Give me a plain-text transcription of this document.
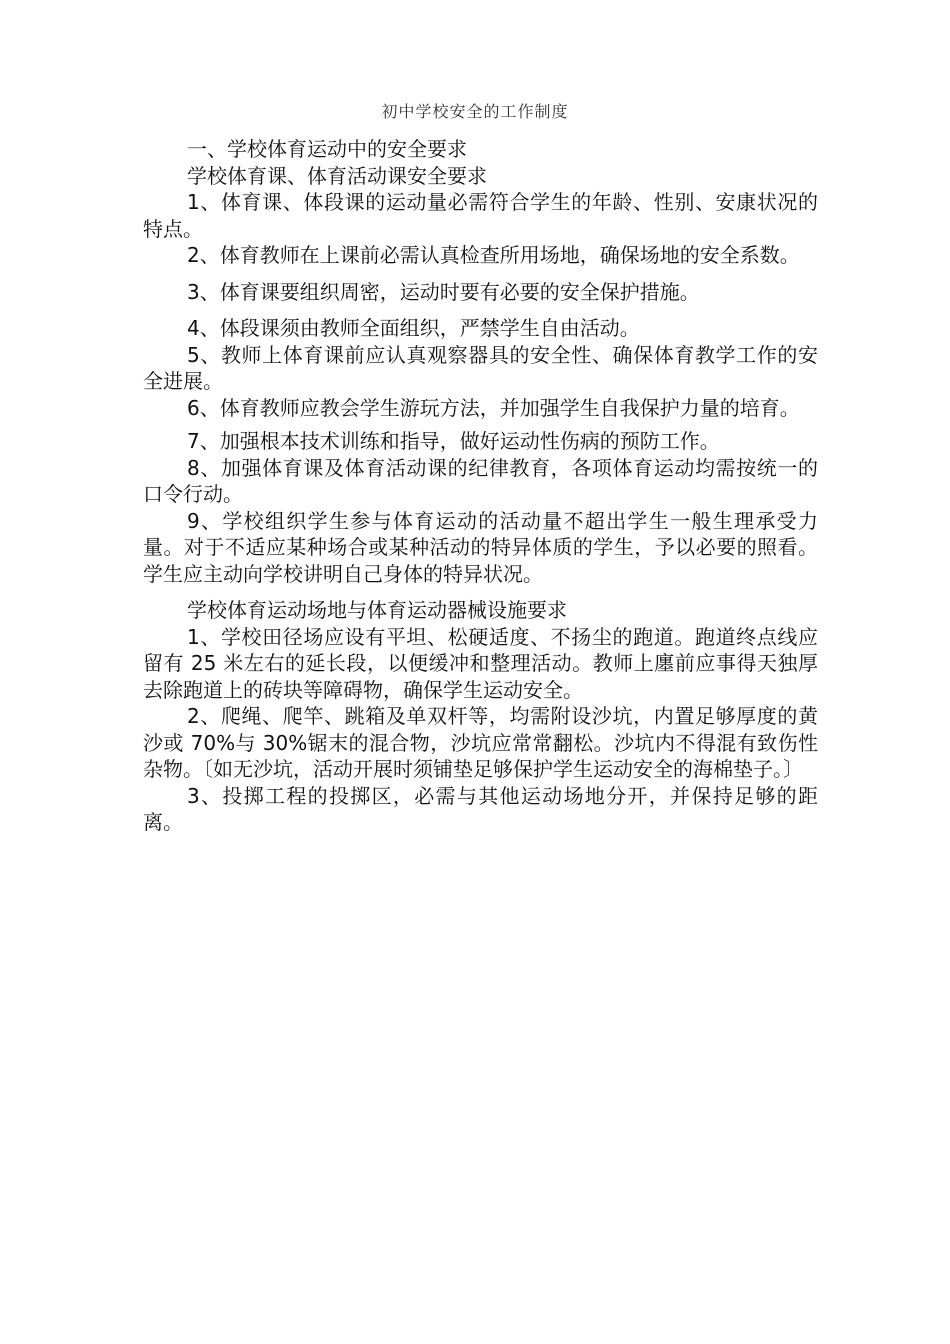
初中学校安全的工作制度

一、学校体育运动中的安全要求

学校体育课、体育活动课安全要求

1、体育课、体段课的运动量必需符合学生的年龄、性别、安康状况的特点。

2、体育教师在上课前必需认真检查所用场地，确保场地的安全系数。

3、体育课要组织周密，运动时要有必要的安全保护措施。

4、体段课须由教师全面组织，严禁学生自由活动。

5、教师上体育课前应认真观察器具的安全性、确保体育教学工作的安全进展。

6、体育教师应教会学生游玩方法，并加强学生自我保护力量的培育。

7、加强根本技术训练和指导，做好运动性伤病的预防工作。

8、加强体育课及体育活动课的纪律教育，各项体育运动均需按统一的口令行动。

9、学校组织学生参与体育运动的活动量不超出学生一般生理承受力量。对于不适应某种场合或某种活动的特异体质的学生，予以必要的照看。学生应主动向学校讲明自己身体的特异状况。

学校体育运动场地与体育运动器械设施要求

1、学校田径场应设有平坦、松硬适度、不扬尘的跑道。跑道终点线应留有 25 米左右的延长段，以便缓冲和整理活动。教师上廛前应事得天独厚去除跑道上的砖块等障碍物，确保学生运动安全。

2、爬绳、爬竿、跳箱及单双杆等，均需附设沙坑，内置足够厚度的黄沙或 70%与 30%锯末的混合物，沙坑应常常翻松。沙坑内不得混有致伤性杂物。〔如无沙坑，活动开展时须铺垫足够保护学生运动安全的海棉垫子。〕

3、投掷工程的投掷区，必需与其他运动场地分开，并保持足够的距离。
